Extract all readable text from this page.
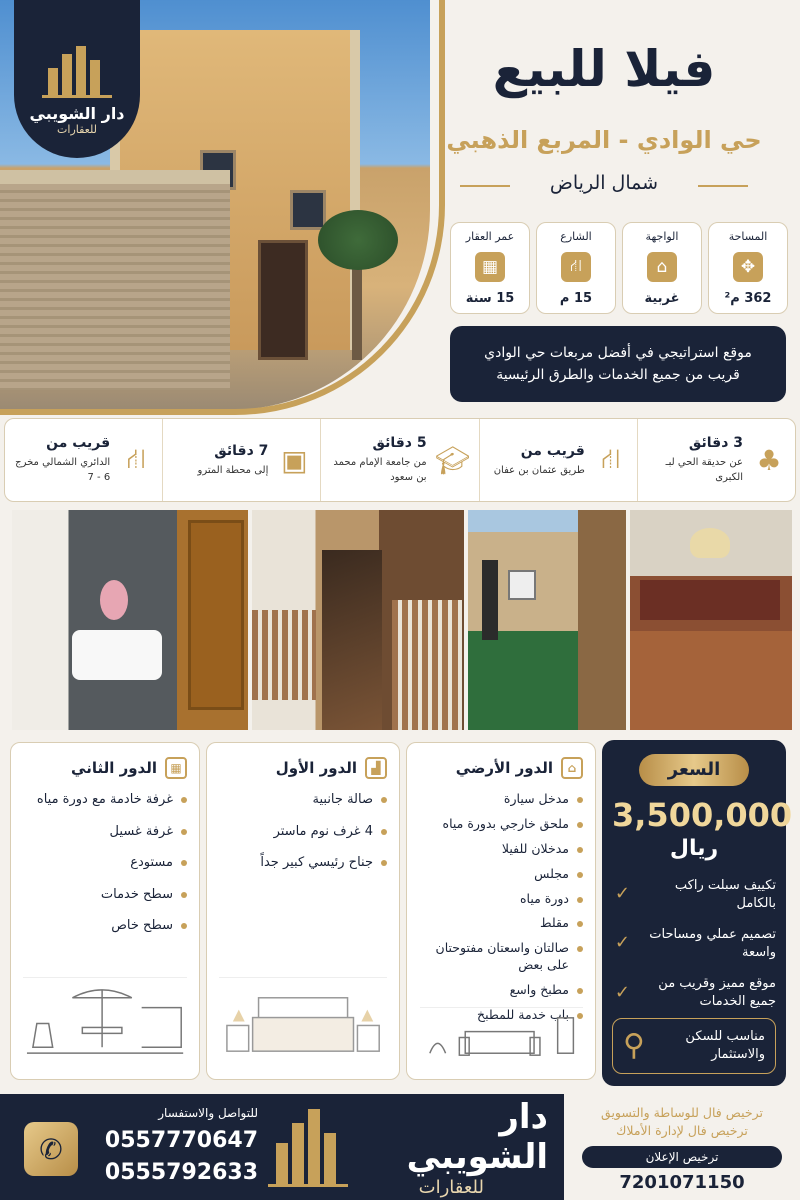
دار الشويبي
للعقارات
فيلا للبيع
حي الوادي - المربع الذهبي
شمال الرياض
المساحة
✥
362 م²
الواجهة
⌂
غربية
الشارع
⛙
15 م
عمر العقار
▦
15 سنة
موقع استراتيجي في أفضل مربعات حي الوادي
قريب من جميع الخدمات والطرق الرئيسية
♣
3 دقائق
عن حديقة الحي لبـ الكبرى
⛙
قريب من
طريق عثمان بن عفان
🎓︎
5 دقائق
من جامعة الإمام محمد بن سعود
▣
7 دقائق
إلى محطة المترو
⛙
قريب من
الدائري الشمالي مخرج 6 - 7
⌂
الدور الأرضي
مدخل سيارة
ملحق خارجي بدورة مياه
مدخلان للفيلا
مجلس
دورة مياه
مقلط
صالتان واسعتان مفتوحتان على بعض
مطبخ واسع
باب خدمة للمطبخ
▟
الدور الأول
صالة جانبية
4 غرف نوم ماستر
جناح رئيسي كبير جداً
▦
الدور الثاني
غرفة خادمة مع دورة مياه
غرفة غسيل
مستودع
سطح خدمات
سطح خاص
السعر
3,500,000
ريال
تكييف سبلت راكب بالكامل
✓
تصميم عملي ومساحات واسعة
✓
موقع مميز وقريب من جميع الخدمات
✓
مناسب للسكن والاستثمار
⚲
✆
للتواصل والاستفسار
0557770647
0555792633
دار الشويبي
للعقارات
ترخيص فال للوساطة والتسويق
ترخيص فال لإدارة الأملاك
ترخيص الإعلان
7201071150
